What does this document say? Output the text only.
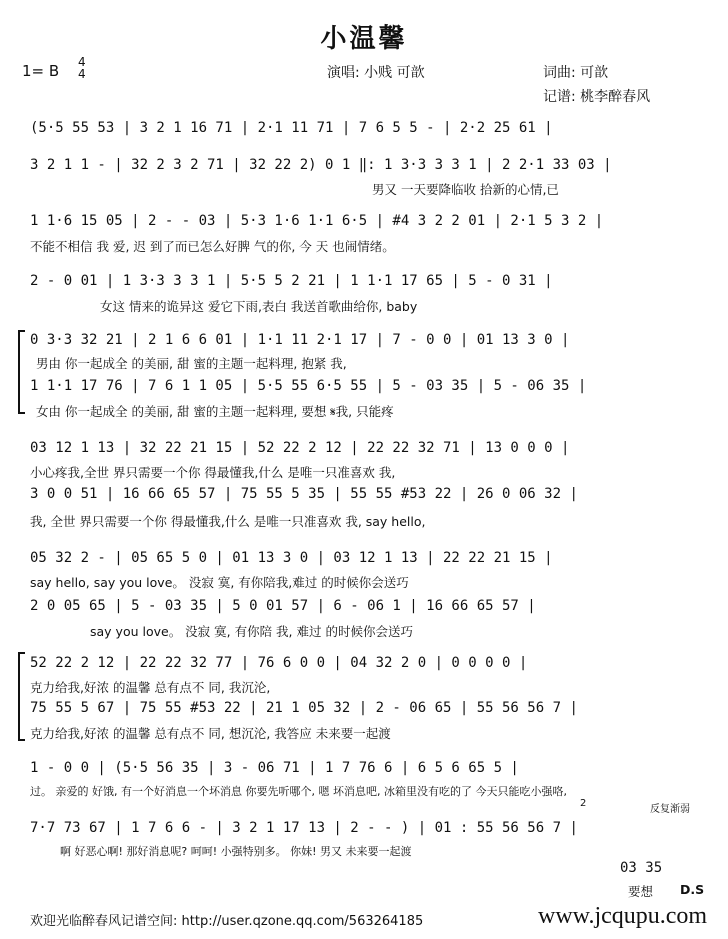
小温馨
1= B 4
4	演唱: 小贱 可歆	词曲: 可歆
记谱: 桃李醉春风
(5·5 55 53 | 3 2 1 16 71 | 2·1 11 71 | 7 6 5 5 - | 2·2 25 61 |
3 2 1 1 - | 32 2 3 2 71 | 32 22 2) 0 1 ‖: 1 3·3 3 3 1 | 2 2·1 33 03 |
男又 一天要降临收 拾新的心情,已
1 1·6 15 05 | 2 - - 03 | 5·3 1·6 1·1 6·5 | #4 3 2 2 01 | 2·1 5 3 2 |
不能不相信 我 爱, 迟 到了而已怎么好脾 气的你, 今 天 也闹情绪。
2 - 0 01 | 1 3·3 3 3 1 | 5·5 5 2 21 | 1 1·1 17 65 | 5 - 0 31 |
女这 情来的诡异这 爱它下雨,表白 我送首歌曲给你, baby
0 3·3 32 21 | 2 1 6 6 01 | 1·1 11 2·1 17 | 7 - 0 0 | 01 13 3 0 |
男由 你一起成全 的美丽, 甜 蜜的主题一起料理, 抱紧 我,
1 1·1 17 76 | 7 6 1 1 05 | 5·5 55 6·5 55 | 5 - 03 35 | 5 - 06 35 |
女由 你一起成全 的美丽, 甜 蜜的主题一起料理, 要想 𝄋我, 只能疼
03 12 1 13 | 32 22 21 15 | 52 22 2 12 | 22 22 32 71 | 13 0 0 0 |
小心疼我,全世 界只需要一个你 得最懂我,什么 是唯一只准喜欢 我,
3 0 0 51 | 16 66 65 57 | 75 55 5 35 | 55 55 #53 22 | 26 0 06 32 |
我, 全世 界只需要一个你 得最懂我,什么 是唯一只准喜欢 我, say hello,
05 32 2 - | 05 65 5 0 | 01 13 3 0 | 03 12 1 13 | 22 22 21 15 |
say hello, say you love。 没寂 寞, 有你陪我,难过 的时候你会送巧
2 0 05 65 | 5 - 03 35 | 5 0 01 57 | 6 - 06 1 | 16 66 65 57 |
say you love。 没寂 寞, 有你陪 我, 难过 的时候你会送巧
52 22 2 12 | 22 22 32 77 | 76 6 0 0 | 04 32 2 0 | 0 0 0 0 |
克力给我,好浓 的温馨 总有点不 同, 我沉沦,
75 55 5 67 | 75 55 #53 22 | 21 1 05 32 | 2 - 06 65 | 55 56 56 7 |
克力给我,好浓 的温馨 总有点不 同, 想沉沦, 我答应 未来要一起渡
1 - 0 0 | (5·5 56 35 | 3 - 06 71 | 1 7 76 6 | 6 5 6 65 5 |
过。 亲爱的 好饿, 有一个好消息一个坏消息 你要先听哪个, 嗯 坏消息吧, 冰箱里没有吃的了 今天只能吃小强咯,
2
反复渐弱
7·7 73 67 | 1 7 6 6 - | 3 2 1 17 13 | 2 - - ) | 01 : 55 56 56 7 |
啊 好恶心啊! 那好消息呢? 呵呵! 小强特别多。 你妹! 男又 未来要一起渡
03 35
要想 D.S
欢迎光临醉春风记谱空间: http://user.qzone.qq.com/563264185	www.jcqupu.com
